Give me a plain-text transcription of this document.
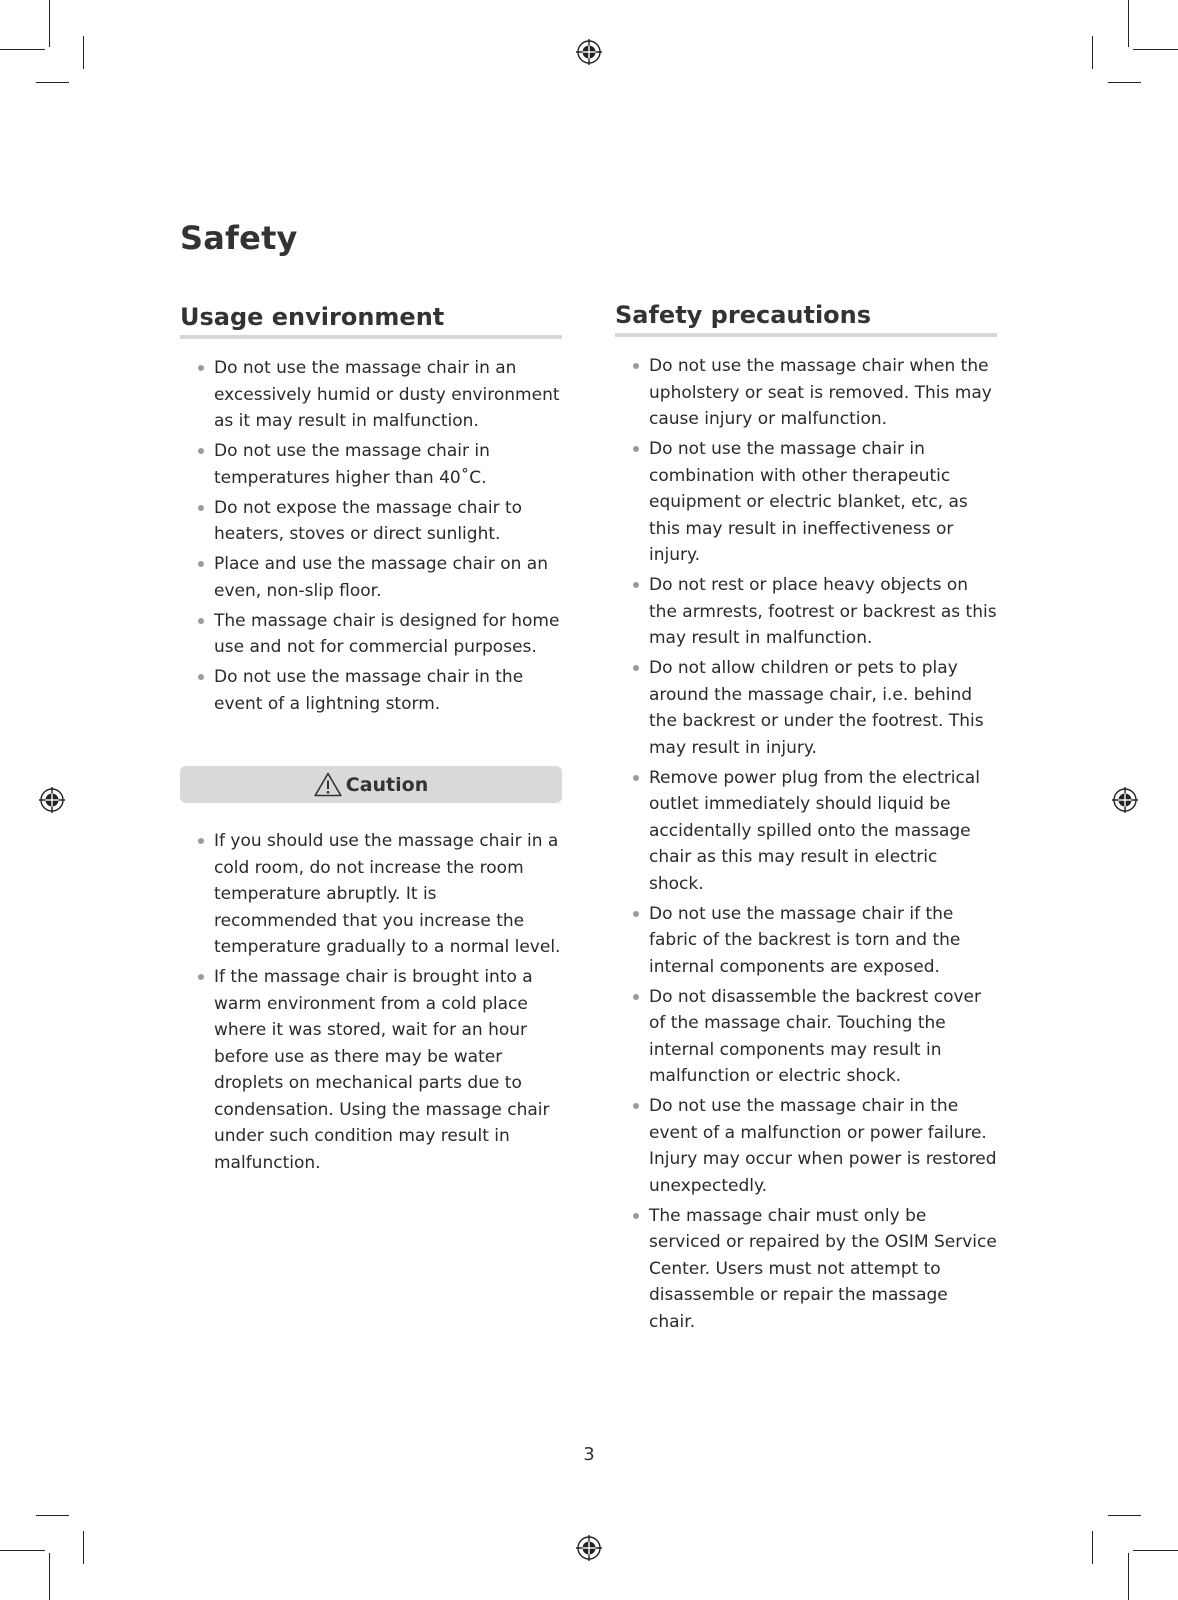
Safety
Usage environment
Do not use the massage chair in an excessively humid or dusty environment as it may result in malfunction.
Do not use the massage chair in temperatures higher than 40˚C.
Do not expose the massage chair to heaters, stoves or direct sunlight.
Place and use the massage chair on an even, non-slip floor.
The massage chair is designed for home use and not for commercial purposes.
Do not use the massage chair in the event of a lightning storm.
Caution
If you should use the massage chair in a cold room, do not increase the room temperature abruptly. It is recommended that you increase the temperature gradually to a normal level.
If the massage chair is brought into a warm environment from a cold place where it was stored, wait for an hour before use as there may be water droplets on mechanical parts due to condensation. Using the massage chair under such condition may result in malfunction.
Safety precautions
Do not use the massage chair when the upholstery or seat is removed. This may cause injury or malfunction.
Do not use the massage chair in combination with other therapeutic equipment or electric blanket, etc, as this may result in ineffectiveness or injury.
Do not rest or place heavy objects on the armrests, footrest or backrest as this may result in malfunction.
Do not allow children or pets to play around the massage chair, i.e. behind the backrest or under the footrest. This may result in injury.
Remove power plug from the electrical outlet immediately should liquid be accidentally spilled onto the massage chair as this may result in electric shock.
Do not use the massage chair if the fabric of the backrest is torn and the internal components are exposed.
Do not disassemble the backrest cover of the massage chair. Touching the internal components may result in malfunction or electric shock.
Do not use the massage chair in the event of a malfunction or power failure. Injury may occur when power is restored unexpectedly.
The massage chair must only be serviced or repaired by the OSIM Service Center. Users must not attempt to disassemble or repair the massage chair.
3
